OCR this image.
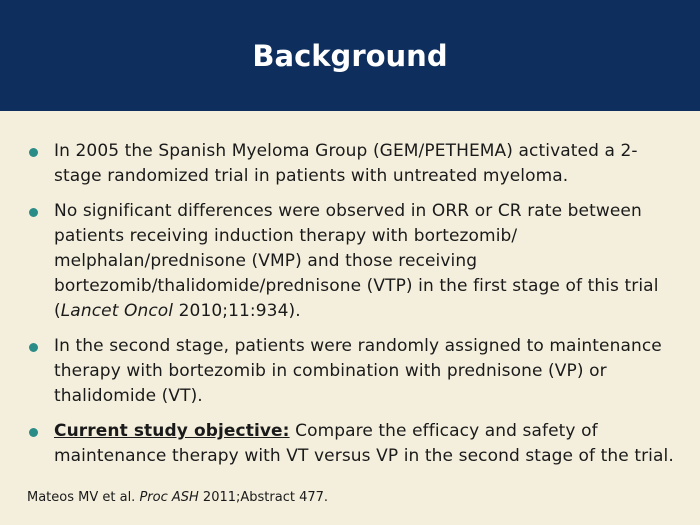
Background
In 2005 the Spanish Myeloma Group (GEM/PETHEMA) activated a 2-stage randomized trial in patients with untreated myeloma.
No significant differences were observed in ORR or CR rate between patients receiving induction therapy with bortezomib/ melphalan/prednisone (VMP) and those receiving bortezomib/thalidomide/prednisone (VTP) in the first stage of this trial (Lancet Oncol 2010;11:934).
In the second stage, patients were randomly assigned to maintenance therapy with bortezomib in combination with prednisone (VP) or thalidomide (VT).
Current study objective: Compare the efficacy and safety of maintenance therapy with VT versus VP in the second stage of the trial.
Mateos MV et al. Proc ASH 2011;Abstract 477.
